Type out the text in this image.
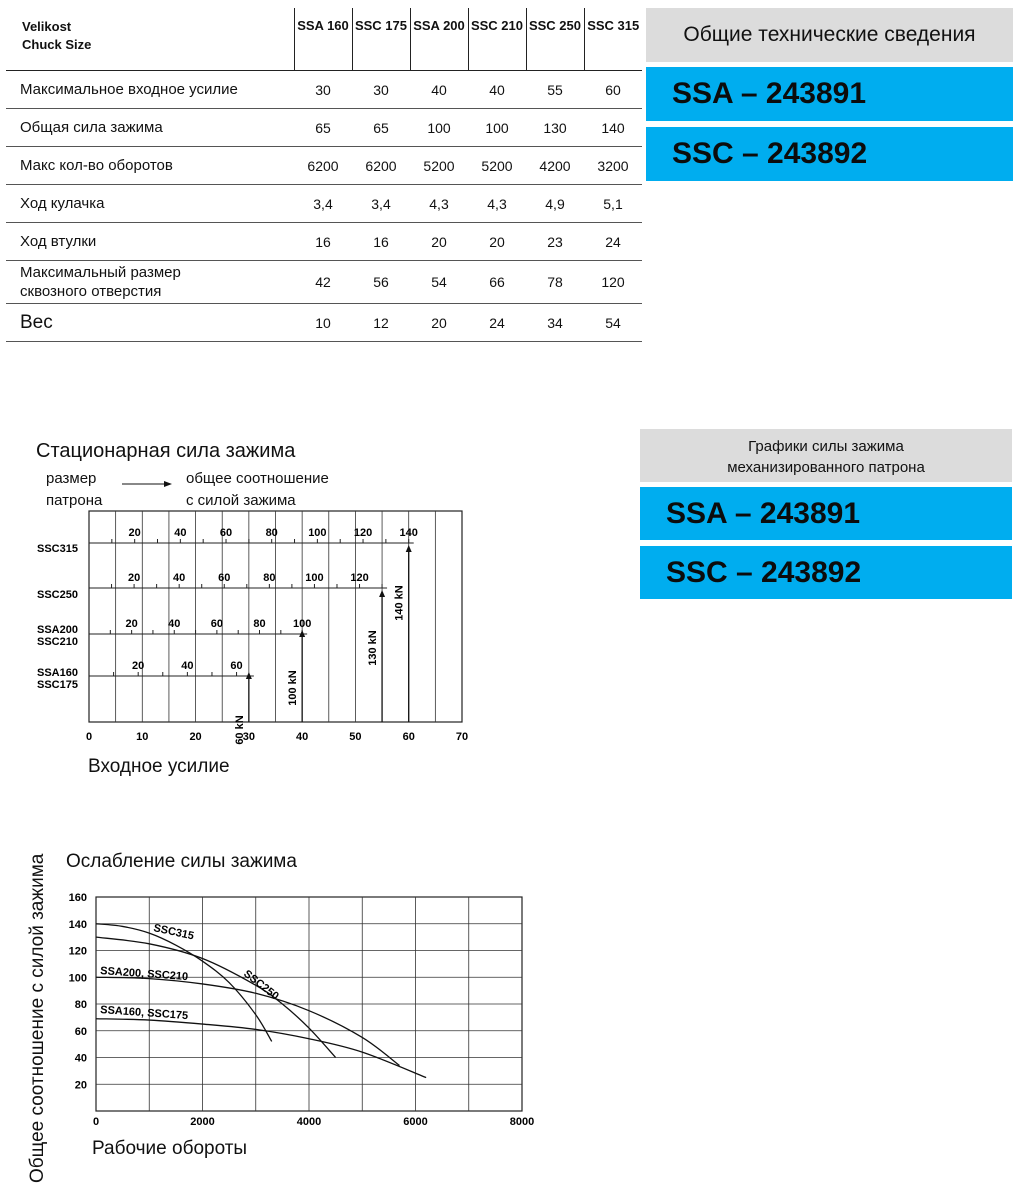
Velikost
Chuck Size	SSA 160	SSC 175	SSA 200	SSC 210	SSC 250	SSC 315
Максимальное входное усилие	30	30	40	40	55	60
Общая сила зажима	65	65	100	100	130	140
Макс кол-во оборотов	6200	6200	5200	5200	4200	3200
Ход кулачка	3,4	3,4	4,3	4,3	4,9	5,1
Ход втулки	16	16	20	20	23	24

Максимальный размер
сквозного отверстия	42	56	54	66	78	120
Вес	10	12	20	24	34	54
Общие технические сведения
SSA – 243891
SSC – 243892
Графики силы зажима
механизированного патрона
SSA – 243891
SSC – 243892
Стационарная сила зажима
размер
патрона
общее соотношение
с силой зажима
0	10	20	30	40	50	60	70
20	40	60	80	100 120 140
SSC315
20	40	60	80	100 120
SSC250
20	40	60	80 100
SSA200
SSC210
20	40	60
SSA160
SSC175
60 kN
100 kN
130 kN
140 kN
Входное усилие
Ослабление силы зажима
Общее соотношение с силой зажима 20
40
60
80
100
120
140
160
0	2000	4000	6000	8000
SSC315
SSC250
SSA200, SSC210
SSA160, SSC175
Рабочие обороты
